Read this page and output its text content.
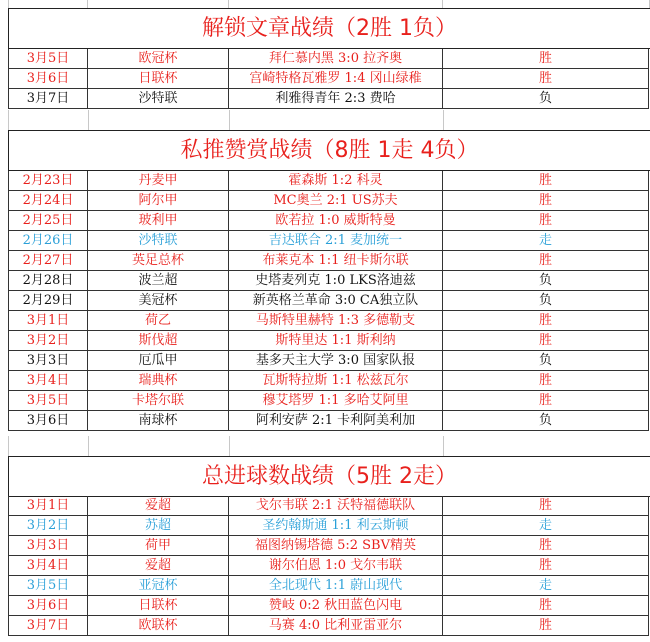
解锁文章战绩（2胜 1负）
3月5日	欧冠杯	拜仁慕内黑 3:0 拉齐奥	胜
3月6日	日联杯	宫崎特格瓦雅罗 1:4 冈山绿稚	胜
3月7日	沙特联	利雅得青年 2:3 费哈	负
私推赞赏战绩（8胜 1走 4负）
2月23日	丹麦甲	霍森斯 1:2 科灵	胜
2月24日	阿尔甲	MC奥兰 2:1 US苏夫	胜
2月25日	玻利甲	欧若拉 1:0 威斯特曼	胜
2月26日	沙特联	吉达联合 2:1 麦加统一	走
2月27日	英足总杯	布莱克本 1:1 纽卡斯尔联	胜
2月28日	波兰超	史塔麦列克 1:0 LKS洛迪兹	负
2月29日	美冠杯	新英格兰革命 3:0 CA独立队	负
3月1日	荷乙	马斯特里赫特 1:3 多德勒支	胜
3月2日	斯伐超	斯特里达 1:1 斯利纳	胜
3月3日	厄瓜甲	基多天主大学 3:0 国家队报	负
3月4日	瑞典杯	瓦斯特拉斯 1:1 松兹瓦尔	胜
3月5日	卡塔尔联	穆艾塔罗 1:1 多哈艾阿里	胜
3月6日	南球杯	阿利安萨 2:1 卡利阿美利加	负
总进球数战绩（5胜 2走）
3月1日	爱超	戈尔韦联 2:1 沃特福德联队	胜
3月2日	苏超	圣约翰斯通 1:1 利云斯顿	走
3月3日	荷甲	福图纳锡塔德 5:2 SBV精英	胜
3月4日	爱超	谢尔伯恩 1:0 戈尔韦联	胜
3月5日	亚冠杯	全北现代 1:1 蔚山现代	走
3月6日	日联杯	赞岐 0:2 秋田蓝色闪电	胜
3月7日	欧联杯	马赛 4:0 比利亚雷亚尔	胜
